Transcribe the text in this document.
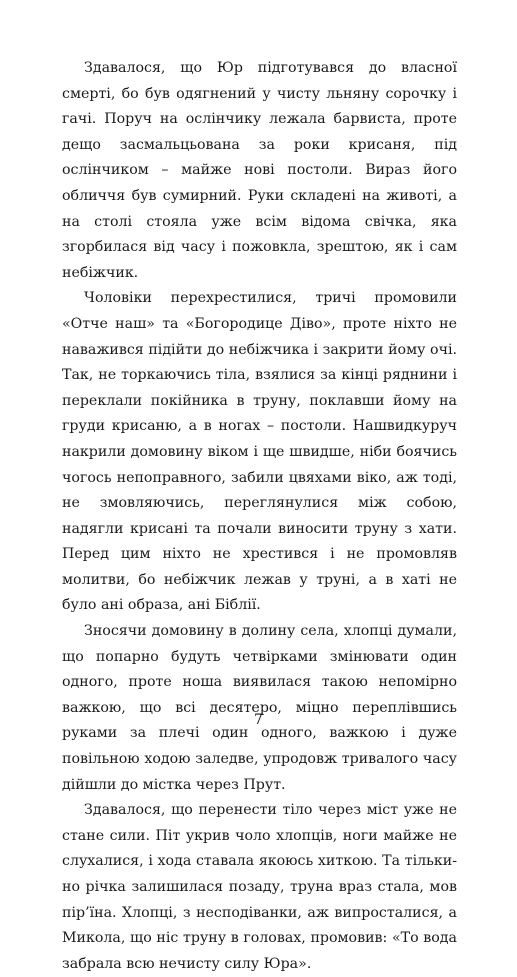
Здавалося, що Юр підготувався до власної смерті, бо був одягнений у чисту льняну сорочку і гачі. Поруч на ослінчику лежала барвиста, проте дещо засмальцьована за роки крисаня, під ослінчиком – майже нові постоли. Вираз його обличчя був сумирний. Руки складені на животі, а на столі стояла уже всім відома свічка, яка згорбилася від часу і пожовкла, зрештою, як і сам небіжчик.

Чоловіки перехрестилися, тричі промовили «Отче наш» та «Богородице Діво», проте ніхто не наважився підійти до небіжчика і закрити йому очі. Так, не торкаючись тіла, взялися за кінці ряднини і переклали покійника в труну, поклавши йому на груди крисаню, а в ногах – постоли. Нашвидкуруч накрили домовину віком і ще швидше, ніби боячись чогось непоправного, забили цвяхами віко, аж тоді, не змовляючись, переглянулися між собою, надягли крисані та почали виносити труну з хати. Перед цим ніхто не хрестився і не промовляв молитви, бо небіжчик лежав у труні, а в хаті не було ані образа, ані Біблії.

Зносячи домовину в долину села, хлопці думали, що попарно будуть четвірками змінювати один одного, проте ноша виявилася такою непомірно важкою, що всі десятеро, міцно переплівшись руками за плечі один одного, важкою і дуже повільною ходою заледве, упродовж тривалого часу дійшли до містка через Прут.

Здавалося, що перенести тіло через міст уже не стане сили. Піт укрив чоло хлопців, ноги майже не слухалися, і хода ставала якоюсь хиткою. Та тільки-но річка залишилася позаду, труна враз стала, мов пір’їна. Хлопці, з несподіванки, аж випросталися, а Микола, що ніс труну в головах, промовив: «То вода забрала всю нечисту силу Юра».

7
